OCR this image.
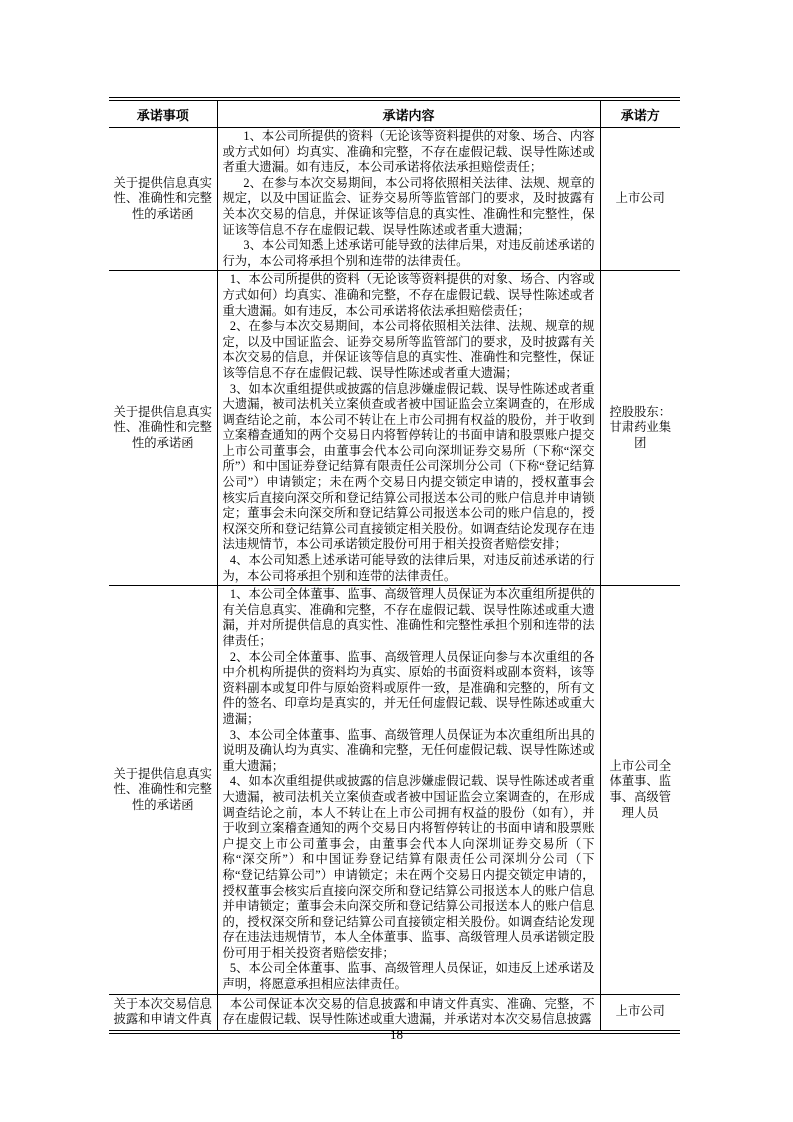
承诺事项	承诺内容	承诺方
关于提供信息真实性、准确性和完整性的承诺函	1、本公司所提供的资料（无论该等资料提供的对象、场合、内容或方式如何）均真实、准确和完整，不存在虚假记载、误导性陈述或者重大遗漏。如有违反，本公司承诺将依法承担赔偿责任；

2、在参与本次交易期间，本公司将依照相关法律、法规、规章的规定，以及中国证监会、证券交易所等监管部门的要求，及时披露有关本次交易的信息，并保证该等信息的真实性、准确性和完整性，保证该等信息不存在虚假记载、误导性陈述或者重大遗漏；

3、本公司知悉上述承诺可能导致的法律后果，对违反前述承诺的行为，本公司将承担个别和连带的法律责任。	上市公司
关于提供信息真实性、准确性和完整性的承诺函	1、本公司所提供的资料（无论该等资料提供的对象、场合、内容或方式如何）均真实、准确和完整，不存在虚假记载、误导性陈述或者重大遗漏。如有违反，本公司承诺将依法承担赔偿责任；

2、在参与本次交易期间，本公司将依照相关法律、法规、规章的规定，以及中国证监会、证券交易所等监管部门的要求，及时披露有关本次交易的信息，并保证该等信息的真实性、准确性和完整性，保证该等信息不存在虚假记载、误导性陈述或者重大遗漏；

3、如本次重组提供或披露的信息涉嫌虚假记载、误导性陈述或者重大遗漏，被司法机关立案侦查或者被中国证监会立案调查的，在形成调查结论之前，本公司不转让在上市公司拥有权益的股份，并于收到立案稽查通知的两个交易日内将暂停转让的书面申请和股票账户提交上市公司董事会，由董事会代本公司向深圳证券交易所（下称“深交所”）和中国证券登记结算有限责任公司深圳分公司（下称“登记结算公司”）申请锁定；未在两个交易日内提交锁定申请的，授权董事会核实后直接向深交所和登记结算公司报送本公司的账户信息并申请锁定；董事会未向深交所和登记结算公司报送本公司的账户信息的，授权深交所和登记结算公司直接锁定相关股份。如调查结论发现存在违法违规情节，本公司承诺锁定股份可用于相关投资者赔偿安排；

4、本公司知悉上述承诺可能导致的法律后果，对违反前述承诺的行为，本公司将承担个别和连带的法律责任。	控股股东：甘肃药业集团
关于提供信息真实性、准确性和完整性的承诺函	1、本公司全体董事、监事、高级管理人员保证为本次重组所提供的有关信息真实、准确和完整，不存在虚假记载、误导性陈述或重大遗漏，并对所提供信息的真实性、准确性和完整性承担个别和连带的法律责任；

2、本公司全体董事、监事、高级管理人员保证向参与本次重组的各中介机构所提供的资料均为真实、原始的书面资料或副本资料，该等资料副本或复印件与原始资料或原件一致，是准确和完整的，所有文件的签名、印章均是真实的，并无任何虚假记载、误导性陈述或重大遗漏；

3、本公司全体董事、监事、高级管理人员保证为本次重组所出具的说明及确认均为真实、准确和完整，无任何虚假记载、误导性陈述或重大遗漏；

4、如本次重组提供或披露的信息涉嫌虚假记载、误导性陈述或者重大遗漏，被司法机关立案侦查或者被中国证监会立案调查的，在形成调查结论之前，本人不转让在上市公司拥有权益的股份（如有），并于收到立案稽查通知的两个交易日内将暂停转让的书面申请和股票账户提交上市公司董事会，由董事会代本人向深圳证券交易所（下称“深交所”）和中国证券登记结算有限责任公司深圳分公司（下称“登记结算公司”）申请锁定；未在两个交易日内提交锁定申请的，授权董事会核实后直接向深交所和登记结算公司报送本人的账户信息并申请锁定；董事会未向深交所和登记结算公司报送本人的账户信息的，授权深交所和登记结算公司直接锁定相关股份。如调查结论发现存在违法违规情节，本人全体董事、监事、高级管理人员承诺锁定股份可用于相关投资者赔偿安排；

5、本公司全体董事、监事、高级管理人员保证，如违反上述承诺及声明，将愿意承担相应法律责任。	上市公司全体董事、监事、高级管理人员
关于本次交易信息披露和申请文件真	本公司保证本次交易的信息披露和申请文件真实、准确、完整，不存在虚假记载、误导性陈述或重大遗漏，并承诺对本次交易信息披露	上市公司
18
